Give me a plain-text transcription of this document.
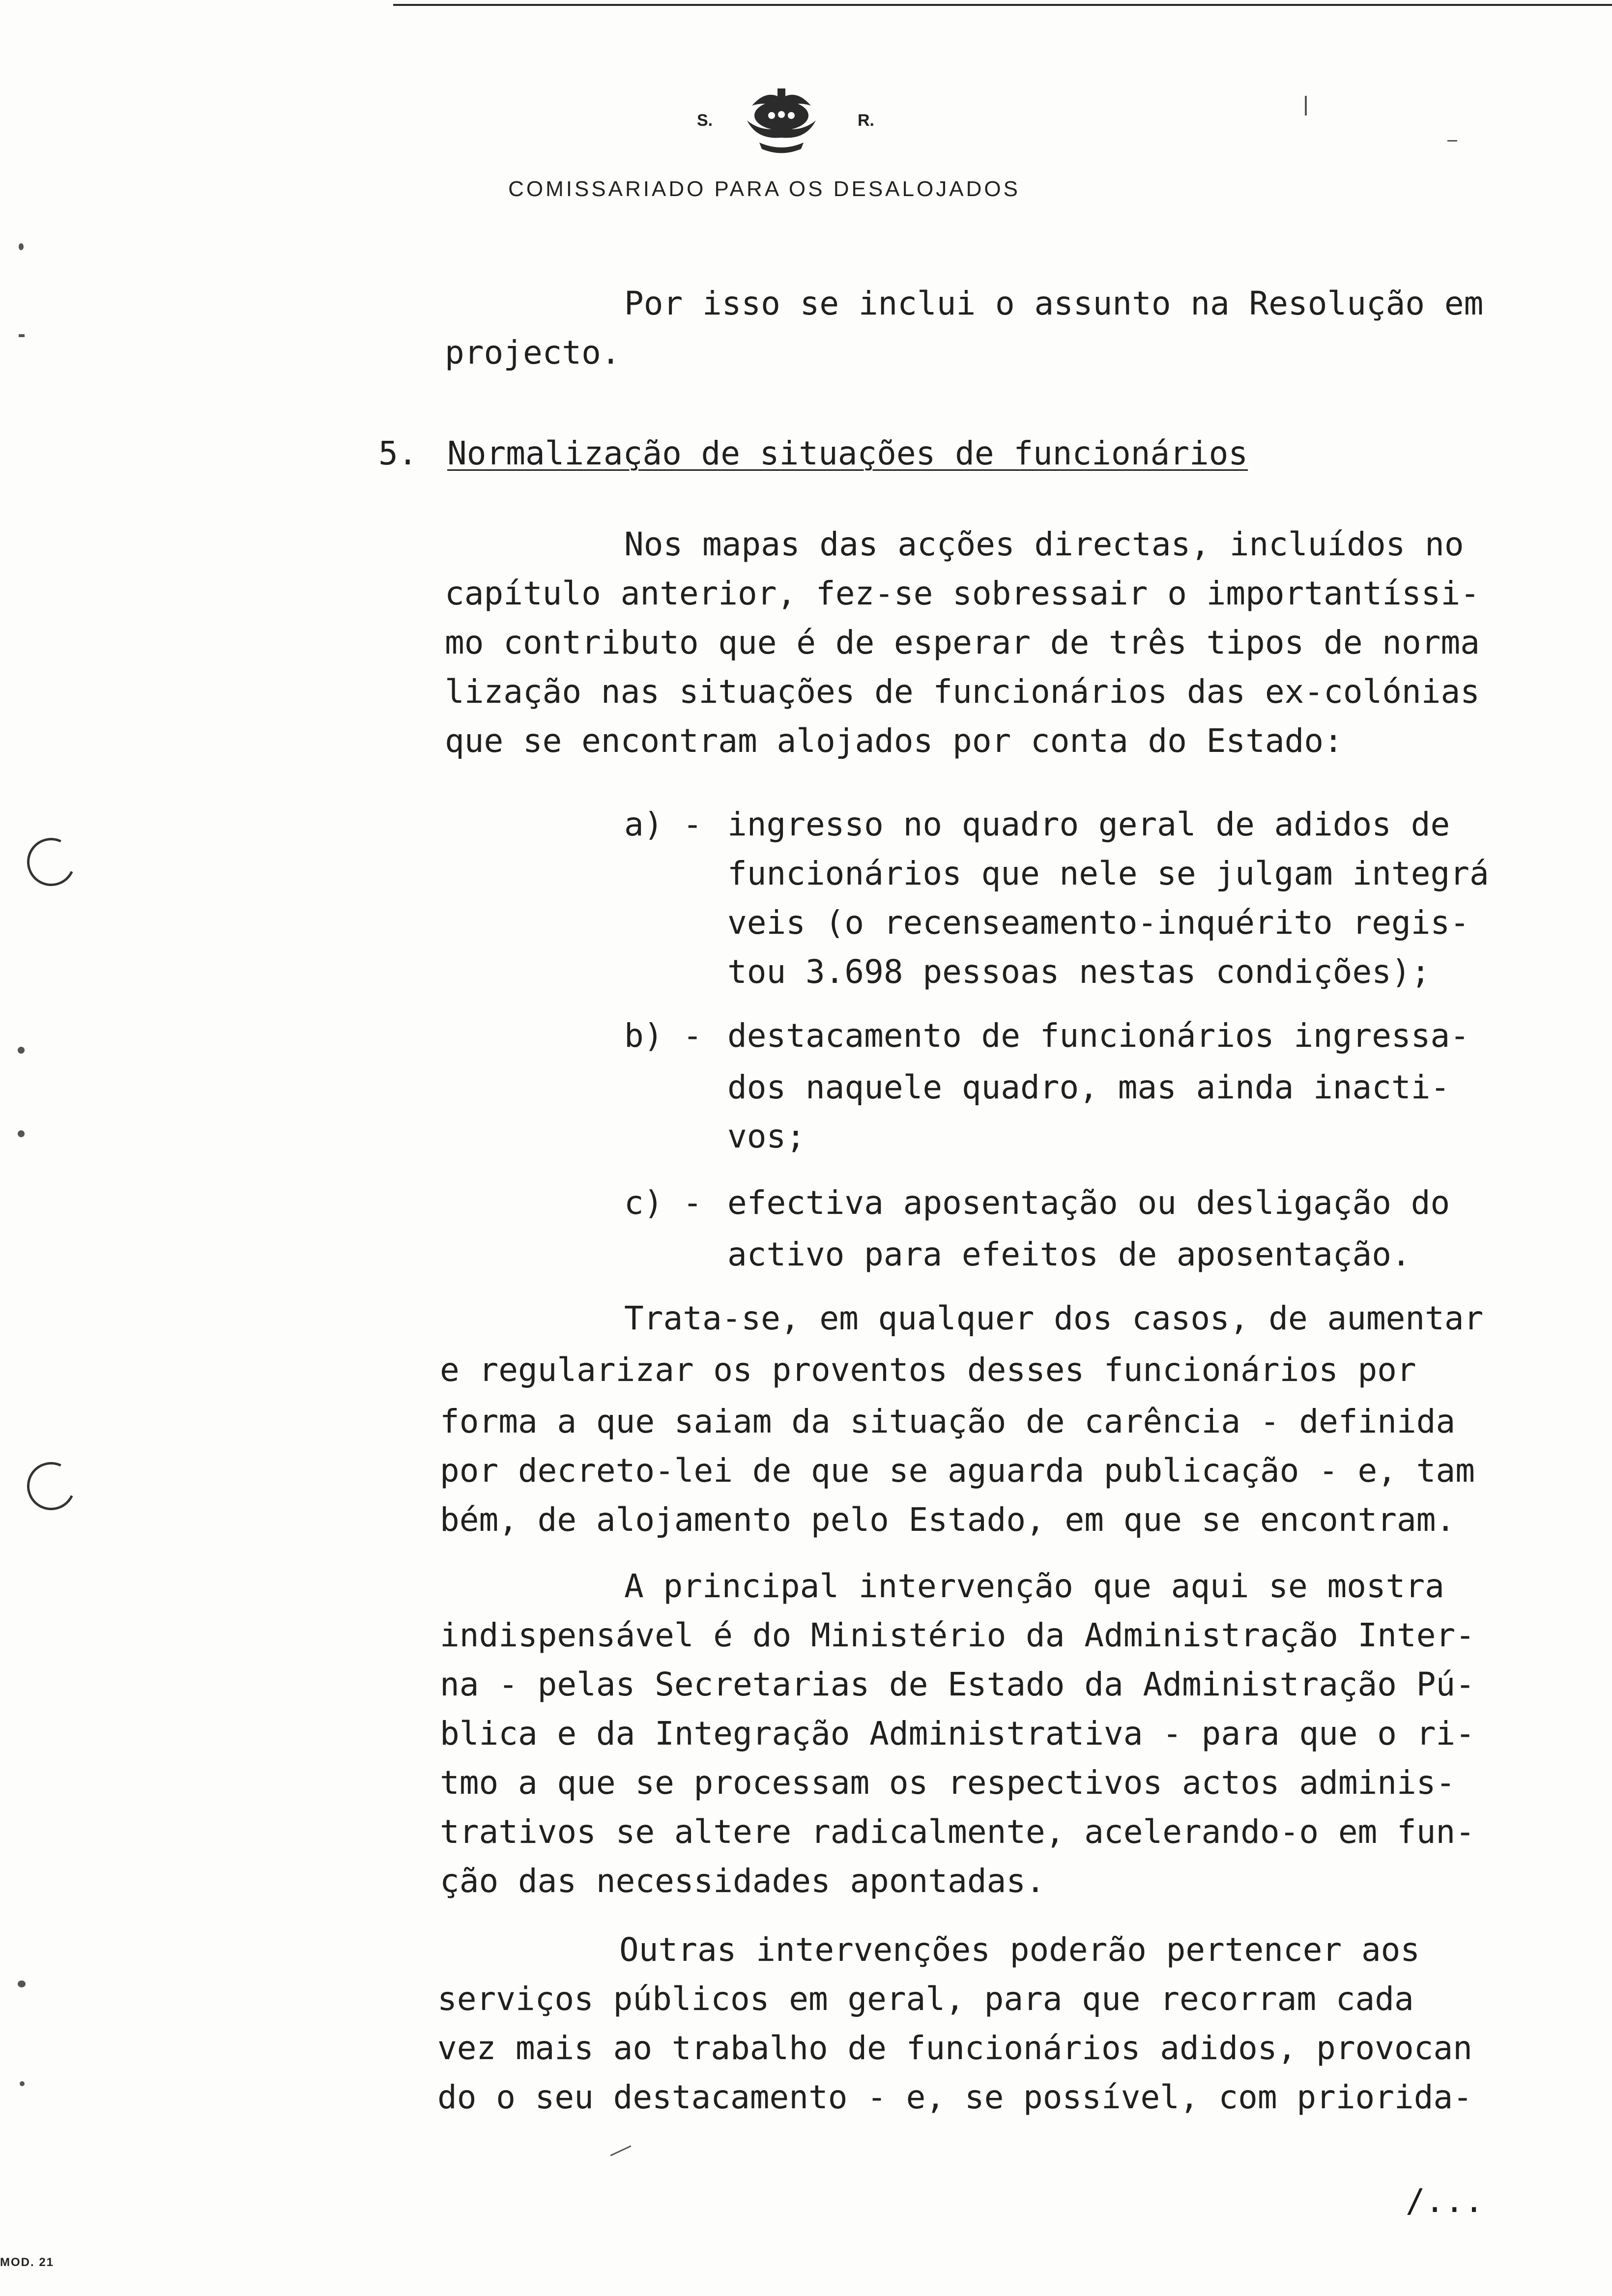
S.	R.
COMISSARIADO PARA OS DESALOJADOS
Por isso se inclui o assunto na Resolução em
projecto.
5. Normalização de situações de funcionários
Nos mapas das acções directas, incluídos no
capítulo anterior, fez-se sobressair o importantíssi-
mo contributo que é de esperar de três tipos de norma
lização nas situações de funcionários das ex-colónias
que se encontram alojados por conta do Estado:
a) - ingresso no quadro geral de adidos de
funcionários que nele se julgam integrá
veis (o recenseamento-inquérito regis-
tou 3.698 pessoas nestas condições);
b) - destacamento de funcionários ingressa-
dos naquele quadro, mas ainda inacti-
vos;
c) - efectiva aposentação ou desligação do
activo para efeitos de aposentação.
Trata-se, em qualquer dos casos, de aumentar
e regularizar os proventos desses funcionários por
forma a que saiam da situação de carência - definida
por decreto-lei de que se aguarda publicação - e, tam
bém, de alojamento pelo Estado, em que se encontram.
A principal intervenção que aqui se mostra
indispensável é do Ministério da Administração Inter-
na - pelas Secretarias de Estado da Administração Pú-
blica e da Integração Administrativa - para que o ri-
tmo a que se processam os respectivos actos adminis-
trativos se altere radicalmente, acelerando-o em fun-
ção das necessidades apontadas.
Outras intervenções poderão pertencer aos
serviços públicos em geral, para que recorram cada
vez mais ao trabalho de funcionários adidos, provocan
do o seu destacamento - e, se possível, com priorida-
/...
MOD. 21
